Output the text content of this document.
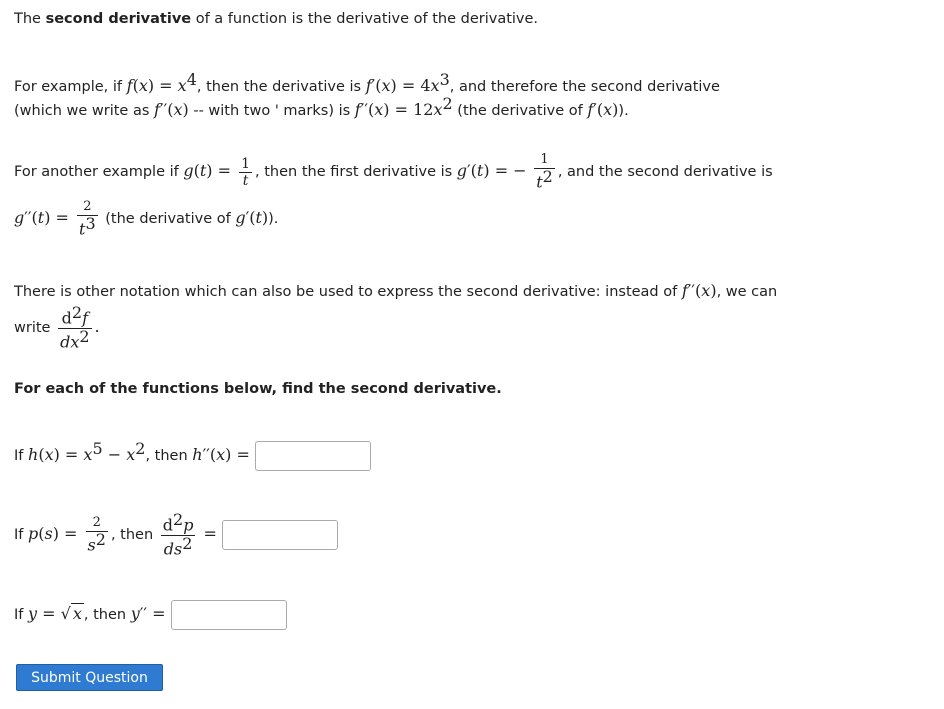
The second derivative of a function is the derivative of the derivative.
For example, if $f(x) = x^4$, then the derivative is $f'(x) = 4x^3$, and therefore the second derivative
(which we write as f′′(x) -- with two ' marks) is $f''(x) = 12x^2$ (the derivative of f′(x)).
For another example if $g(t) = \frac{1}{t}$ , then the first derivative is g′(t) = − $\frac{1}{t^2}$ , and the second derivative is
$g''(t) = \frac{2}{t^3} (the$ derivative of g′(t)).
There is other notation which can also be used to express the second derivative: instead of f′′(x), we can
write $\frac{d^2f}{dx^2}$ .
For each of the functions below, find the second derivative.
If $h(x) = x^5 - x^2$, then h′′(x) =
If $p(s) = \frac{2}{s^2}$ , then $\frac{d^2p}{ds^2}$ =
If y = √ x , then y′′ =
Submit Question
